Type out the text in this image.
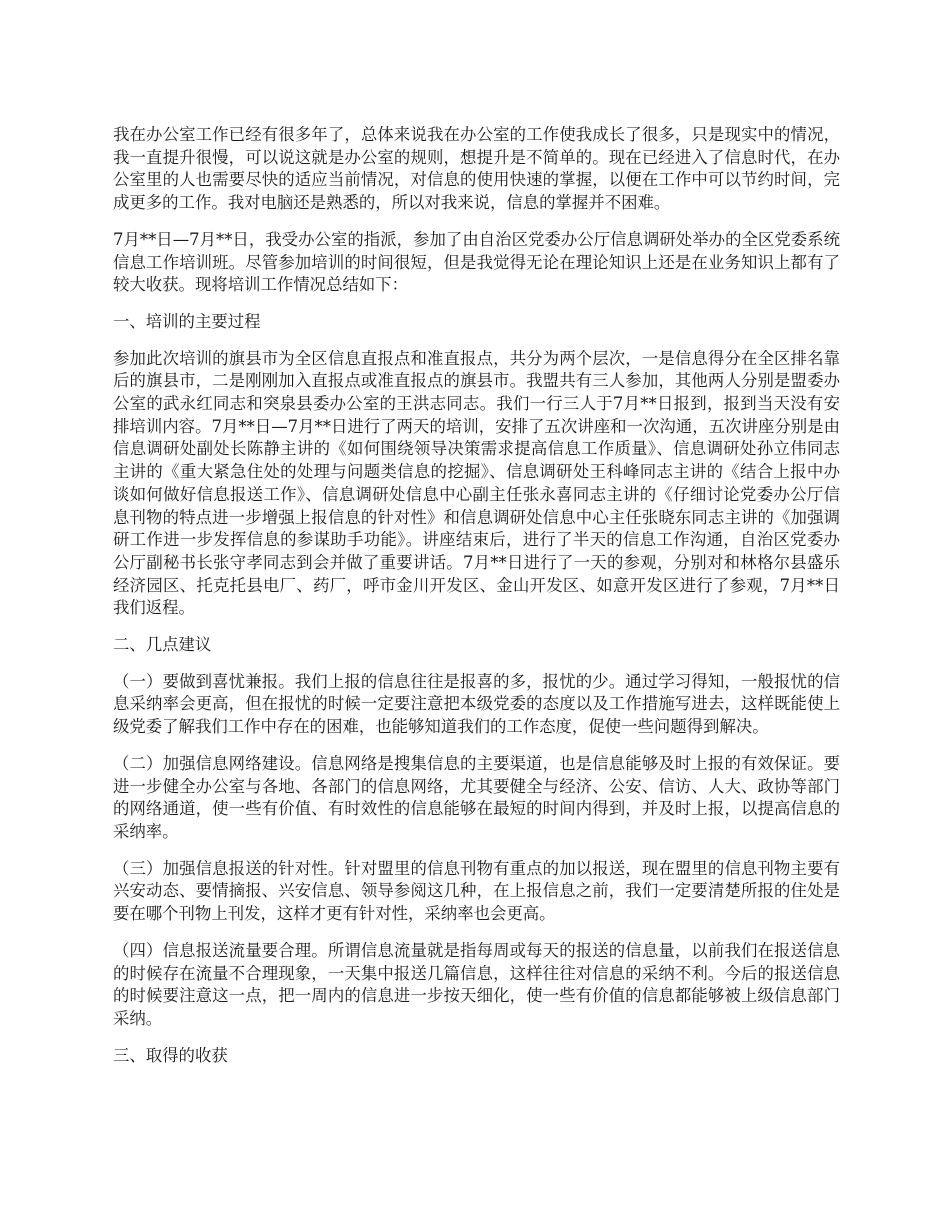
我在办公室工作已经有很多年了，总体来说我在办公室的工作使我成长了很多，只是现实中的情况，我一直提升很慢，可以说这就是办公室的规则，想提升是不简单的。现在已经进入了信息时代，在办公室里的人也需要尽快的适应当前情况，对信息的使用快速的掌握，以便在工作中可以节约时间，完成更多的工作。我对电脑还是熟悉的，所以对我来说，信息的掌握并不困难。

7月**日—7月**日，我受办公室的指派，参加了由自治区党委办公厅信息调研处举办的全区党委系统信息工作培训班。尽管参加培训的时间很短，但是我觉得无论在理论知识上还是在业务知识上都有了较大收获。现将培训工作情况总结如下：

一、培训的主要过程

参加此次培训的旗县市为全区信息直报点和准直报点，共分为两个层次，一是信息得分在全区排名靠后的旗县市，二是刚刚加入直报点或准直报点的旗县市。我盟共有三人参加，其他两人分别是盟委办公室的武永红同志和突泉县委办公室的王洪志同志。我们一行三人于7月**日报到，报到当天没有安排培训内容。7月**日—7月**日进行了两天的培训，安排了五次讲座和一次沟通，五次讲座分别是由信息调研处副处长陈静主讲的《如何围绕领导决策需求提高信息工作质量》、信息调研处孙立伟同志主讲的《重大紧急住处的处理与问题类信息的挖掘》、信息调研处王科峰同志主讲的《结合上报中办谈如何做好信息报送工作》、信息调研处信息中心副主任张永喜同志主讲的《仔细讨论党委办公厅信息刊物的特点进一步增强上报信息的针对性》和信息调研处信息中心主任张晓东同志主讲的《加强调研工作进一步发挥信息的参谋助手功能》。讲座结束后，进行了半天的信息工作沟通，自治区党委办公厅副秘书长张守孝同志到会并做了重要讲话。7月**日进行了一天的参观，分别对和林格尔县盛乐经济园区、托克托县电厂、药厂，呼市金川开发区、金山开发区、如意开发区进行了参观，7月**日我们返程。

二、几点建议

（一）要做到喜忧兼报。我们上报的信息往往是报喜的多，报忧的少。通过学习得知，一般报忧的信息采纳率会更高，但在报忧的时候一定要注意把本级党委的态度以及工作措施写进去，这样既能使上级党委了解我们工作中存在的困难，也能够知道我们的工作态度，促使一些问题得到解决。

（二）加强信息网络建设。信息网络是搜集信息的主要渠道，也是信息能够及时上报的有效保证。要进一步健全办公室与各地、各部门的信息网络，尤其要健全与经济、公安、信访、人大、政协等部门的网络通道，使一些有价值、有时效性的信息能够在最短的时间内得到，并及时上报，以提高信息的采纳率。

（三）加强信息报送的针对性。针对盟里的信息刊物有重点的加以报送，现在盟里的信息刊物主要有兴安动态、要情摘报、兴安信息、领导参阅这几种，在上报信息之前，我们一定要清楚所报的住处是要在哪个刊物上刊发，这样才更有针对性，采纳率也会更高。

（四）信息报送流量要合理。所谓信息流量就是指每周或每天的报送的信息量，以前我们在报送信息的时候存在流量不合理现象，一天集中报送几篇信息，这样往往对信息的采纳不利。今后的报送信息的时候要注意这一点，把一周内的信息进一步按天细化，使一些有价值的信息都能够被上级信息部门采纳。

三、取得的收获
